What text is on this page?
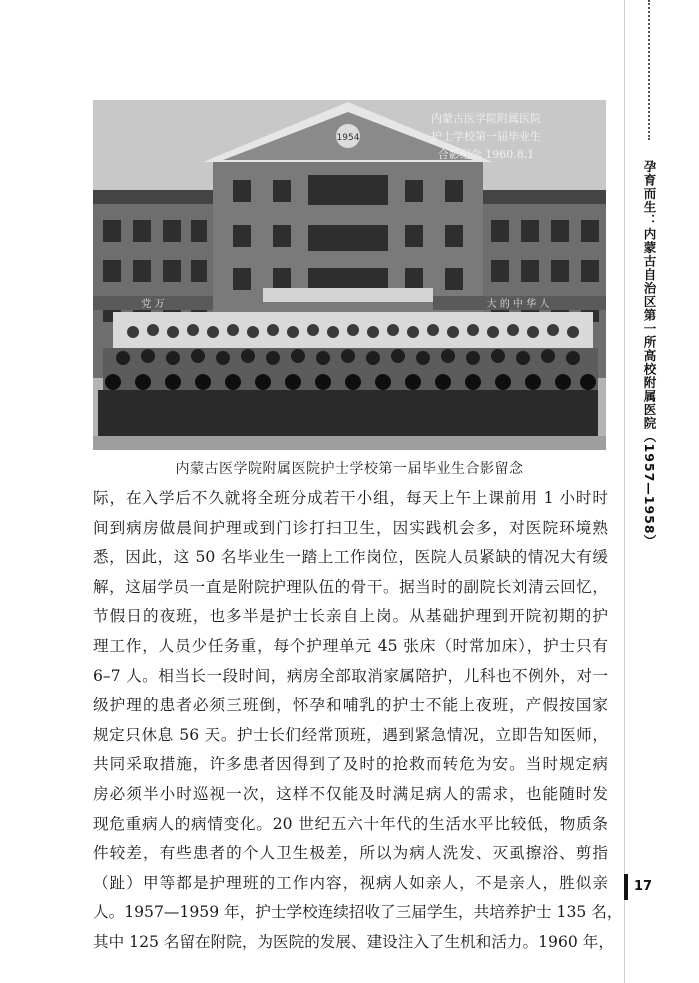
1954
党 万	大 的 中 华 人
内蒙古医学院附属医院
护士学校第一届毕业生
合影纪念 1960.8.1
内蒙古医学院附属医院护士学校第一届毕业生合影留念
际，在入学后不久就将全班分成若干小组，每天上午上课前用 1 小时时
间到病房做晨间护理或到门诊打扫卫生，因实践机会多，对医院环境熟
悉，因此，这 50 名毕业生一踏上工作岗位，医院人员紧缺的情况大有缓
解，这届学员一直是附院护理队伍的骨干。据当时的副院长刘清云回忆，
节假日的夜班，也多半是护士长亲自上岗。从基础护理到开院初期的护
理工作，人员少任务重，每个护理单元 45 张床（时常加床），护士只有
6–7 人。相当长一段时间，病房全部取消家属陪护，儿科也不例外，对一
级护理的患者必须三班倒，怀孕和哺乳的护士不能上夜班，产假按国家
规定只休息 56 天。护士长们经常顶班，遇到紧急情况，立即告知医师，
共同采取措施，许多患者因得到了及时的抢救而转危为安。当时规定病
房必须半小时巡视一次，这样不仅能及时满足病人的需求，也能随时发
现危重病人的病情变化。20 世纪五六十年代的生活水平比较低，物质条
件较差，有些患者的个人卫生极差，所以为病人洗发、灭虱擦浴、剪指
（趾）甲等都是护理班的工作内容，视病人如亲人，不是亲人，胜似亲
人。1957—1959 年，护士学校连续招收了三届学生，共培养护士 135 名，
其中 125 名留在附院，为医院的发展、建设注入了生机和活力。1960 年，
孕育而生：内蒙古自治区第一所高校附属医院（1957—1958）
17
